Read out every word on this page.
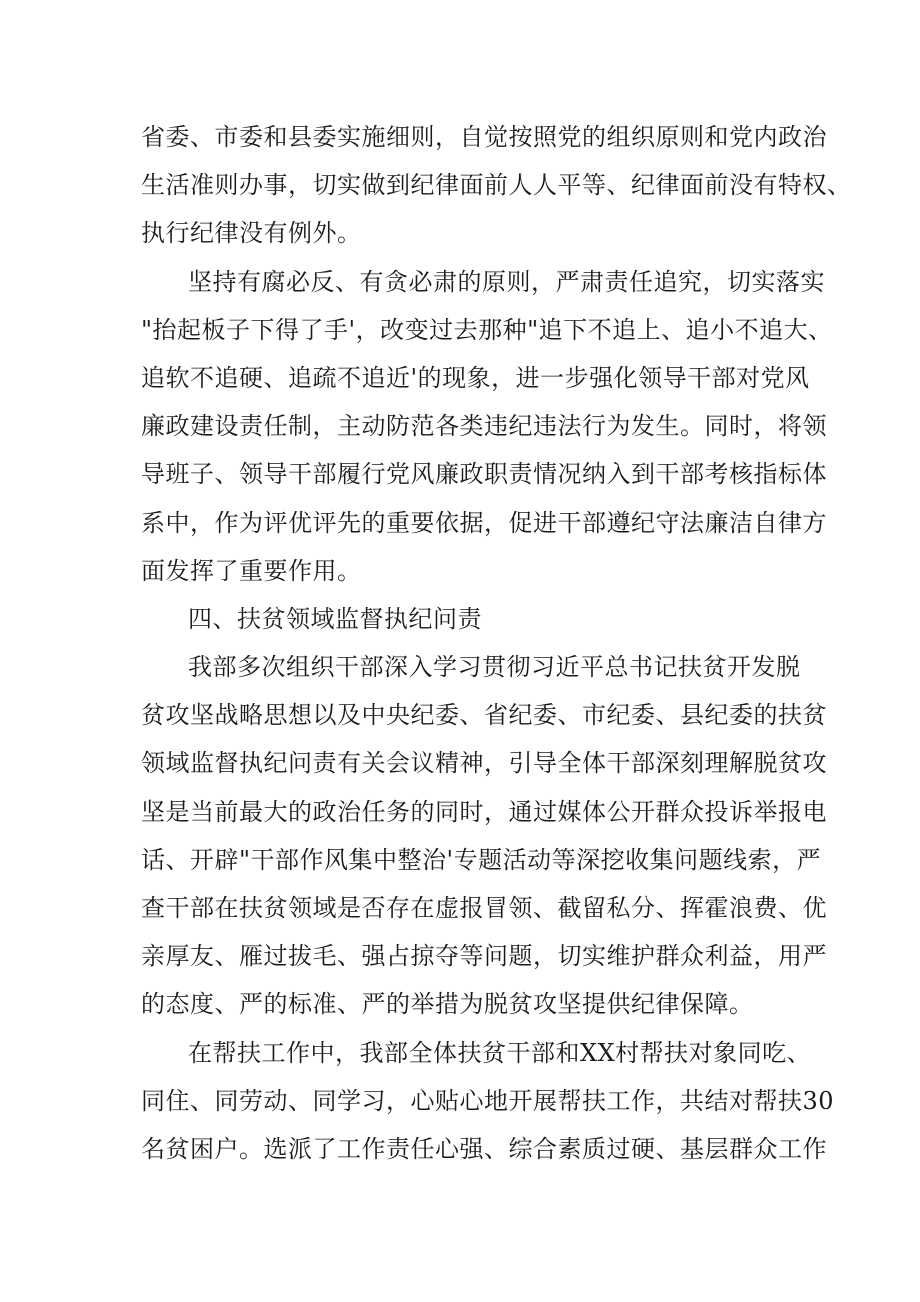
省委、市委和县委实施细则，自觉按照党的组织原则和党内政治
生活准则办事，切实做到纪律面前人人平等、纪律面前没有特权、
执行纪律没有例外。
坚持有腐必反、有贪必肃的原则，严肃责任追究，切实落实
"抬起板子下得了手'，改变过去那种"追下不追上、追小不追大、
追软不追硬、追疏不追近'的现象，进一步强化领导干部对党风
廉政建设责任制，主动防范各类违纪违法行为发生。同时，将领
导班子、领导干部履行党风廉政职责情况纳入到干部考核指标体
系中，作为评优评先的重要依据，促进干部遵纪守法廉洁自律方
面发挥了重要作用。
四、扶贫领域监督执纪问责
我部多次组织干部深入学习贯彻习近平总书记扶贫开发脱
贫攻坚战略思想以及中央纪委、省纪委、市纪委、县纪委的扶贫
领域监督执纪问责有关会议精神，引导全体干部深刻理解脱贫攻
坚是当前最大的政治任务的同时，通过媒体公开群众投诉举报电
话、开辟"干部作风集中整治'专题活动等深挖收集问题线索，严
查干部在扶贫领域是否存在虚报冒领、截留私分、挥霍浪费、优
亲厚友、雁过拔毛、强占掠夺等问题，切实维护群众利益，用严
的态度、严的标准、严的举措为脱贫攻坚提供纪律保障。
在帮扶工作中，我部全体扶贫干部和XX村帮扶对象同吃、
同住、同劳动、同学习，心贴心地开展帮扶工作，共结对帮扶30
名贫困户。选派了工作责任心强、综合素质过硬、基层群众工作
